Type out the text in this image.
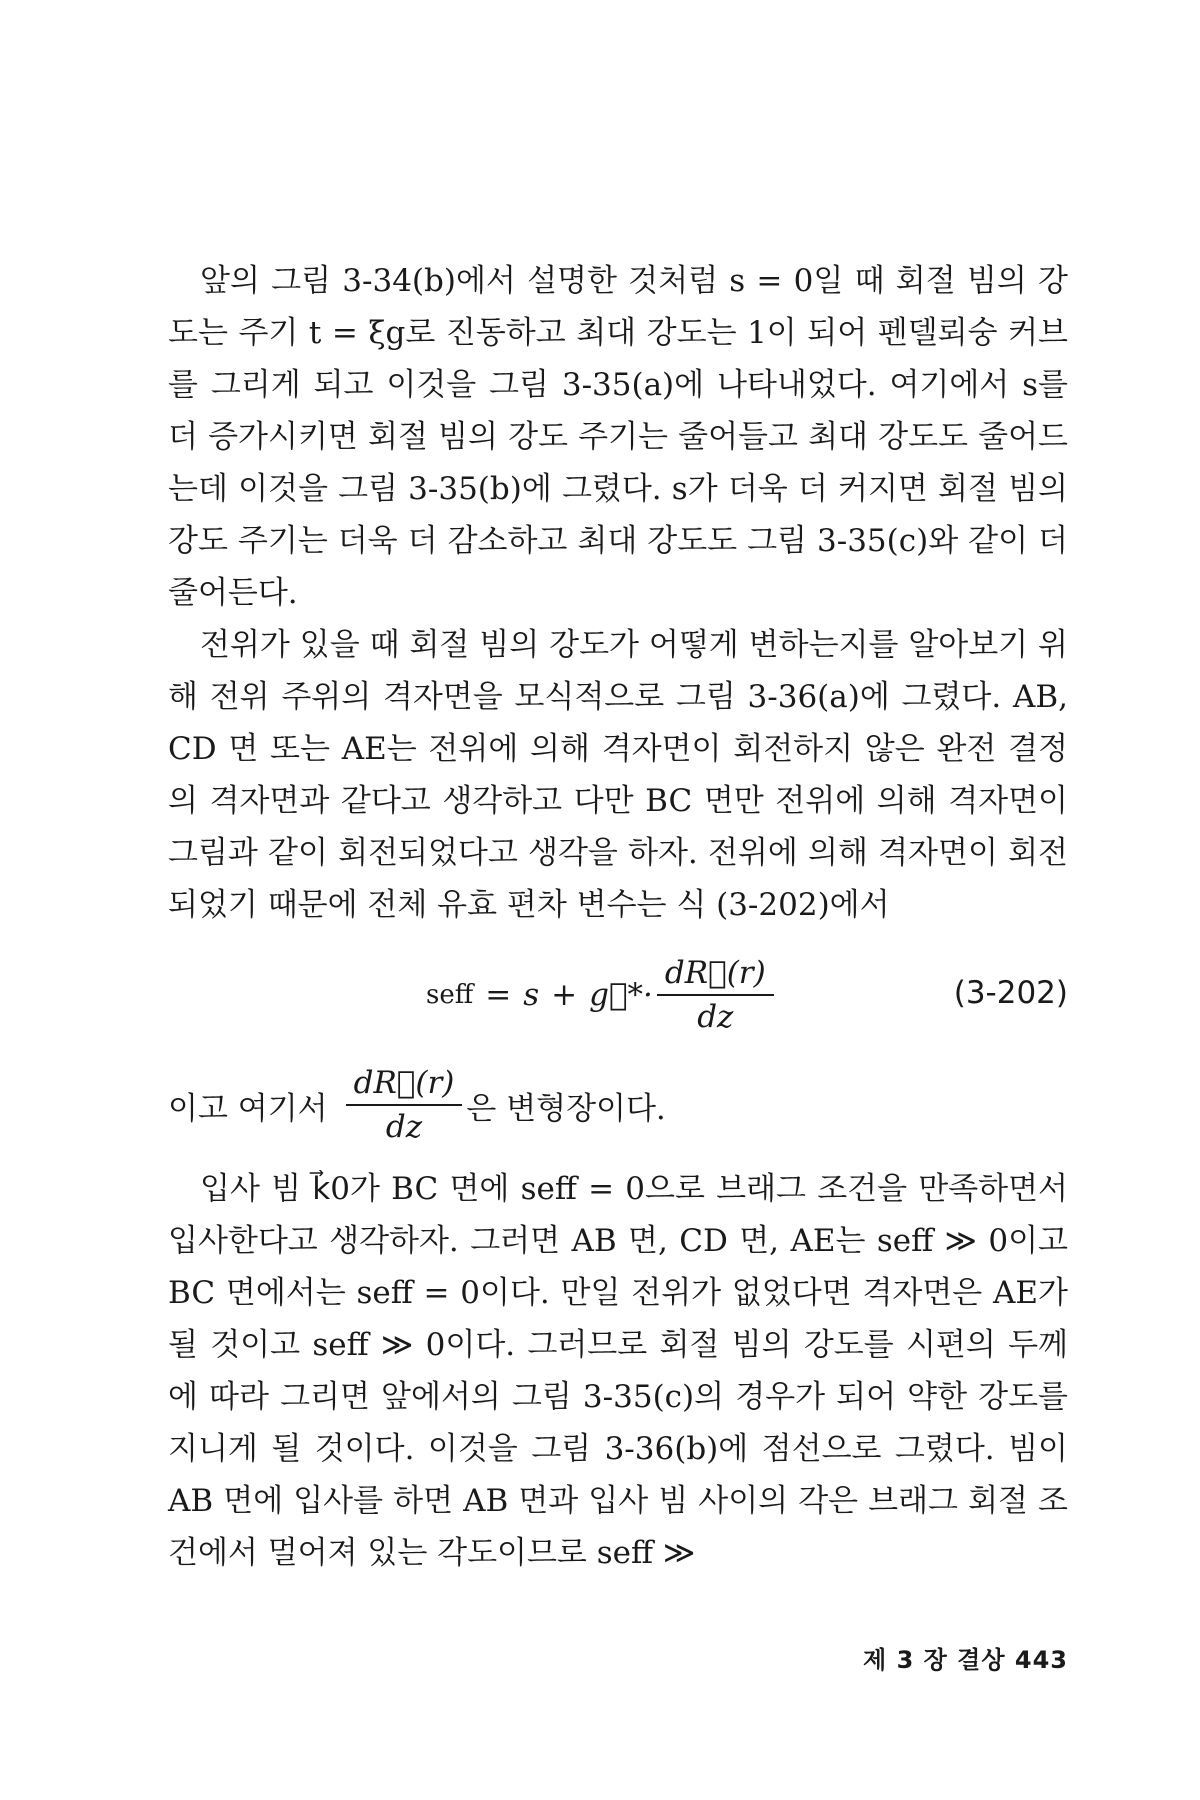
앞의 그림 3-34(b)에서 설명한 것처럼 s = 0일 때 회절 빔의 강도는 주기 t = ξg로 진동하고 최대 강도는 1이 되어 펜델뢰숭 커브를 그리게 되고 이것을 그림 3-35(a)에 나타내었다. 여기에서 s를 더 증가시키면 회절 빔의 강도 주기는 줄어들고 최대 강도도 줄어드는데 이것을 그림 3-35(b)에 그렸다. s가 더욱 더 커지면 회절 빔의 강도 주기는 더욱 더 감소하고 최대 강도도 그림 3-35(c)와 같이 더 줄어든다.

전위가 있을 때 회절 빔의 강도가 어떻게 변하는지를 알아보기 위해 전위 주위의 격자면을 모식적으로 그림 3-36(a)에 그렸다. AB, CD 면 또는 AE는 전위에 의해 격자면이 회전하지 않은 완전 결정의 격자면과 같다고 생각하고 다만 BC 면만 전위에 의해 격자면이 그림과 같이 회전되었다고 생각을 하자. 전위에 의해 격자면이 회전되었기 때문에 전체 유효 편차 변수는 식 (3-202)에서

seff = s + g⃗*· $\frac{dR⃗(r)}{dz}$	(3-202)
이고 여기서 $\frac{dR⃗(r)}{dz}$ 은 변형장이다.

입사 빔 k⃗0가 BC 면에 seff = 0으로 브래그 조건을 만족하면서 입사한다고 생각하자. 그러면 AB 면, CD 면, AE는 seff ≫ 0이고 BC 면에서는 seff = 0이다. 만일 전위가 없었다면 격자면은 AE가 될 것이고 seff ≫ 0이다. 그러므로 회절 빔의 강도를 시편의 두께에 따라 그리면 앞에서의 그림 3-35(c)의 경우가 되어 약한 강도를 지니게 될 것이다. 이것을 그림 3-36(b)에 점선으로 그렸다. 빔이 AB 면에 입사를 하면 AB 면과 입사 빔 사이의 각은 브래그 회절 조건에서 멀어져 있는 각도이므로 seff ≫

제 3 장 결상 443
